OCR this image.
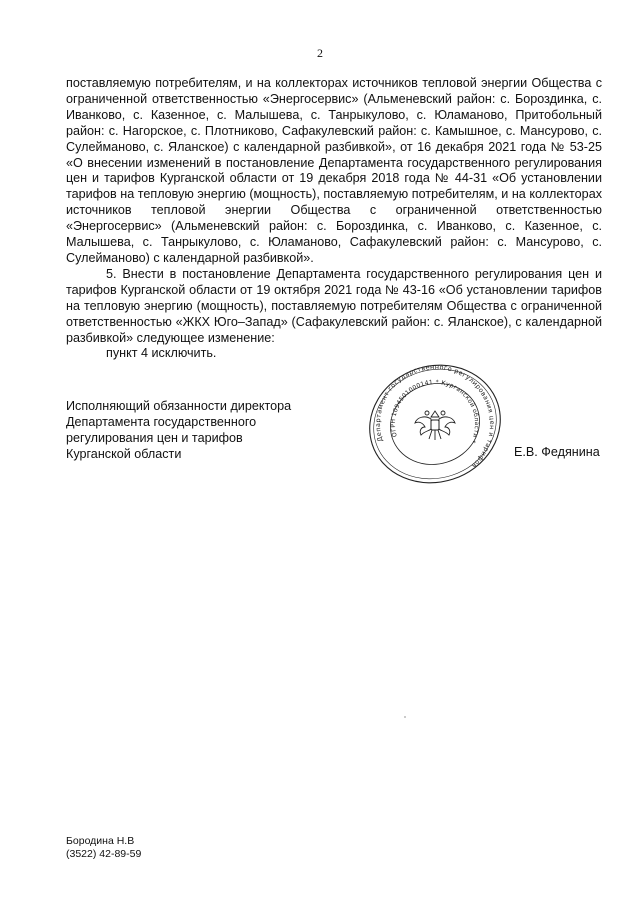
2

поставляемую потребителям, и на коллекторах источников тепловой энергии Общества с ограниченной ответственностью «Энергосервис» (Альменевский район: с. Бороздинка, с. Иванково, с. Казенное, с. Малышева, с. Танрыкулово, с. Юламаново, Притобольный район: с. Нагорское, с. Плотниково, Сафакулевский район: с. Камышное, с. Мансурово, с. Сулейманово, с. Яланское) с календарной разбивкой», от 16 декабря 2021 года № 53-25 «О внесении изменений в постановление Департамента государственного регулирования цен и тарифов Курганской области от 19 декабря 2018 года № 44-31 «Об установлении тарифов на тепловую энергию (мощность), поставляемую потребителям, и на коллекторах источников тепловой энергии Общества с ограниченной ответственностью «Энергосервис» (Альменевский район: с. Бороздинка, с. Иванково, с. Казенное, с. Малышева, с. Танрыкулово, с. Юламаново, Сафакулевский район: с. Мансурово, с. Сулейманово) с календарной разбивкой».

5. Внести в постановление Департамента государственного регулирования цен и тарифов Курганской области от 19 октября 2021 года № 43-16 «Об установлении тарифов на тепловую энергию (мощность), поставляемую потребителям Общества с ограниченной ответственностью «ЖКХ Юго–Запад» (Сафакулевский район: с. Яланское), с календарной разбивкой» следующее изменение:

пункт 4 исключить.

Исполняющий обязанности директора
Департамента государственного
регулирования цен и тарифов
Курганской области
Департамент государственного регулирования цен и тарифов
ОГРН 1094501000141 * Курганской области *
Е.В. Федянина
Бородина Н.В
(3522) 42-89-59
